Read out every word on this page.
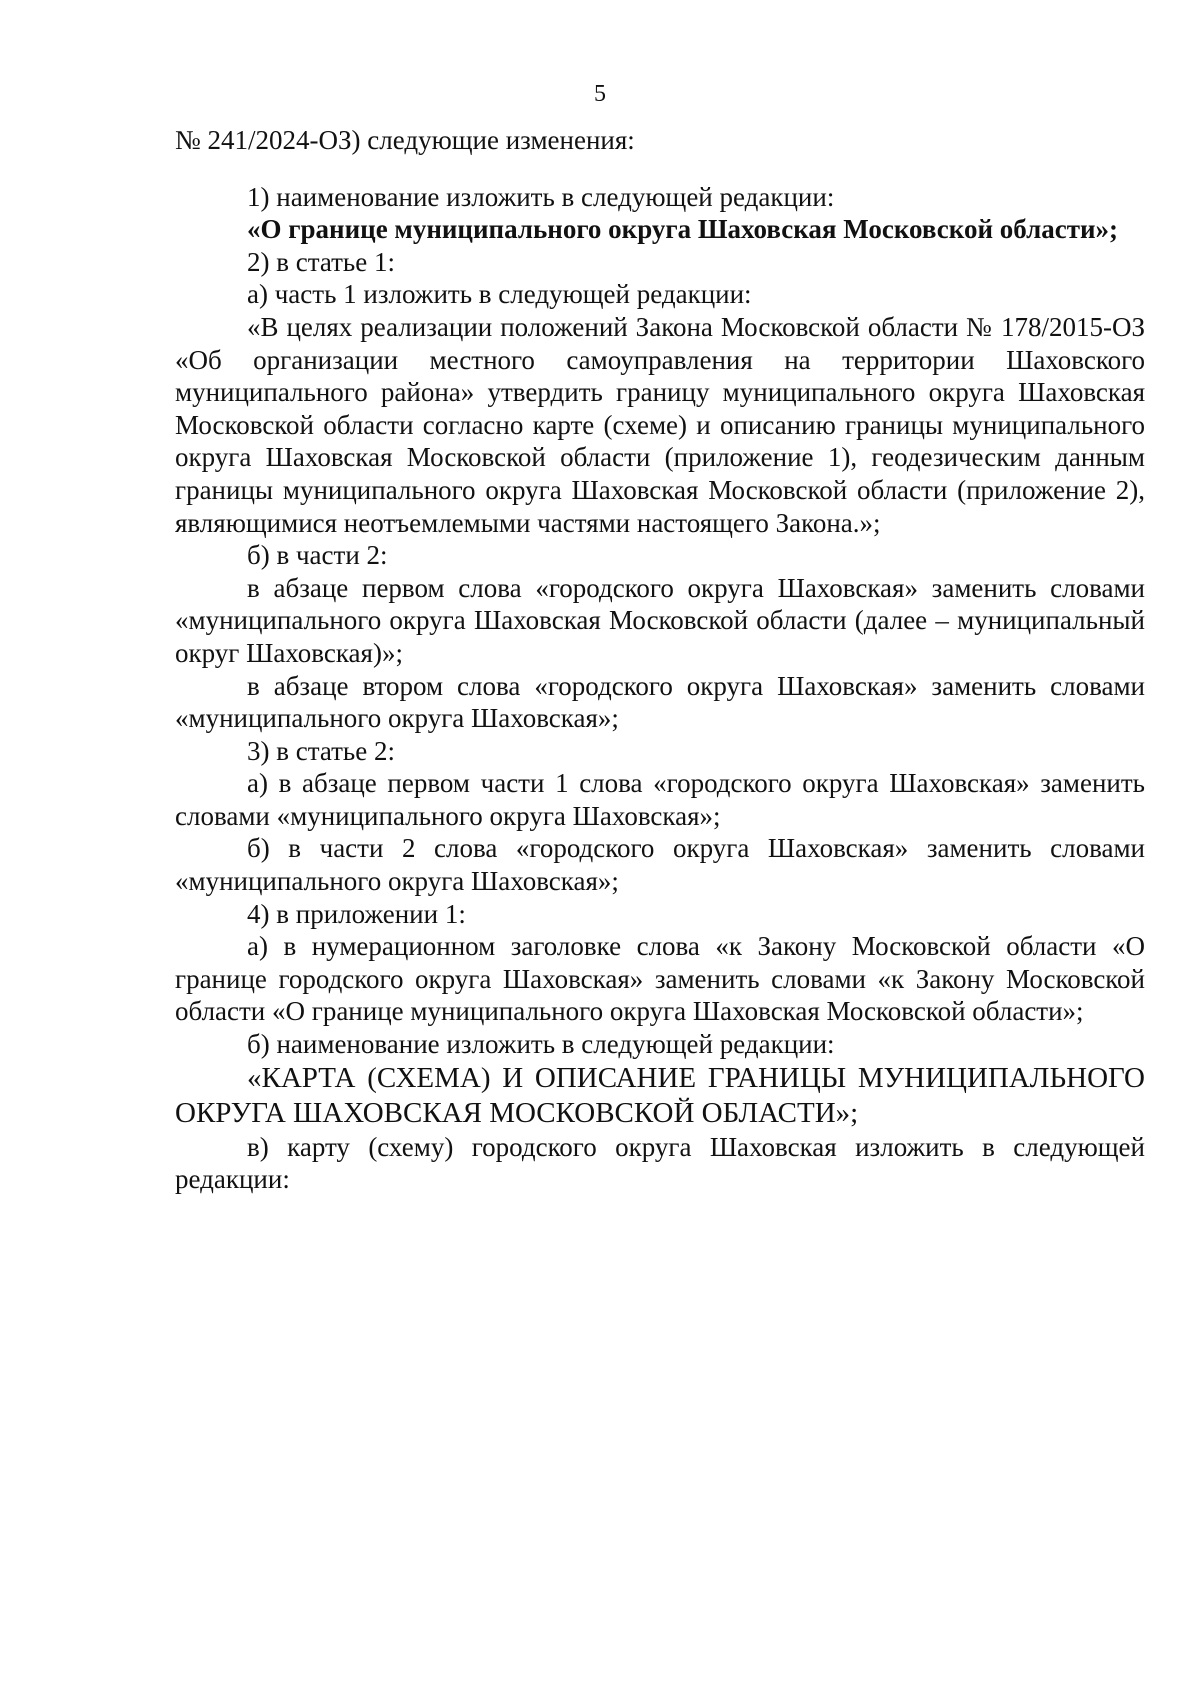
5

№ 241/2024-ОЗ) следующие изменения:

1) наименование изложить в следующей редакции:

«О границе муниципального округа Шаховская Московской области»;

2) в статье 1:

а) часть 1 изложить в следующей редакции:

«В целях реализации положений Закона Московской области № 178/2015-ОЗ «Об организации местного самоуправления на территории Шаховского муниципального района» утвердить границу муниципального округа Шаховская Московской области согласно карте (схеме) и описанию границы муниципального округа Шаховская Московской области (приложение 1), геодезическим данным границы муниципального округа Шаховская Московской области (приложение 2), являющимися неотъемлемыми частями настоящего Закона.»;

б) в части 2:

в абзаце первом слова «городского округа Шаховская» заменить словами «муниципального округа Шаховская Московской области (далее – муниципальный округ Шаховская)»;

в абзаце втором слова «городского округа Шаховская» заменить словами «муниципального округа Шаховская»;

3) в статье 2:

а) в абзаце первом части 1 слова «городского округа Шаховская» заменить словами «муниципального округа Шаховская»;

б) в части 2 слова «городского округа Шаховская» заменить словами «муниципального округа Шаховская»;

4) в приложении 1:

а) в нумерационном заголовке слова «к Закону Московской области «О границе городского округа Шаховская» заменить словами «к Закону Московской области «О границе муниципального округа Шаховская Московской области»;

б) наименование изложить в следующей редакции:

«КАРТА (СХЕМА) И ОПИСАНИЕ ГРАНИЦЫ МУНИЦИПАЛЬНОГО ОКРУГА ШАХОВСКАЯ МОСКОВСКОЙ ОБЛАСТИ»;

в) карту (схему) городского округа Шаховская изложить в следующей редакции:
